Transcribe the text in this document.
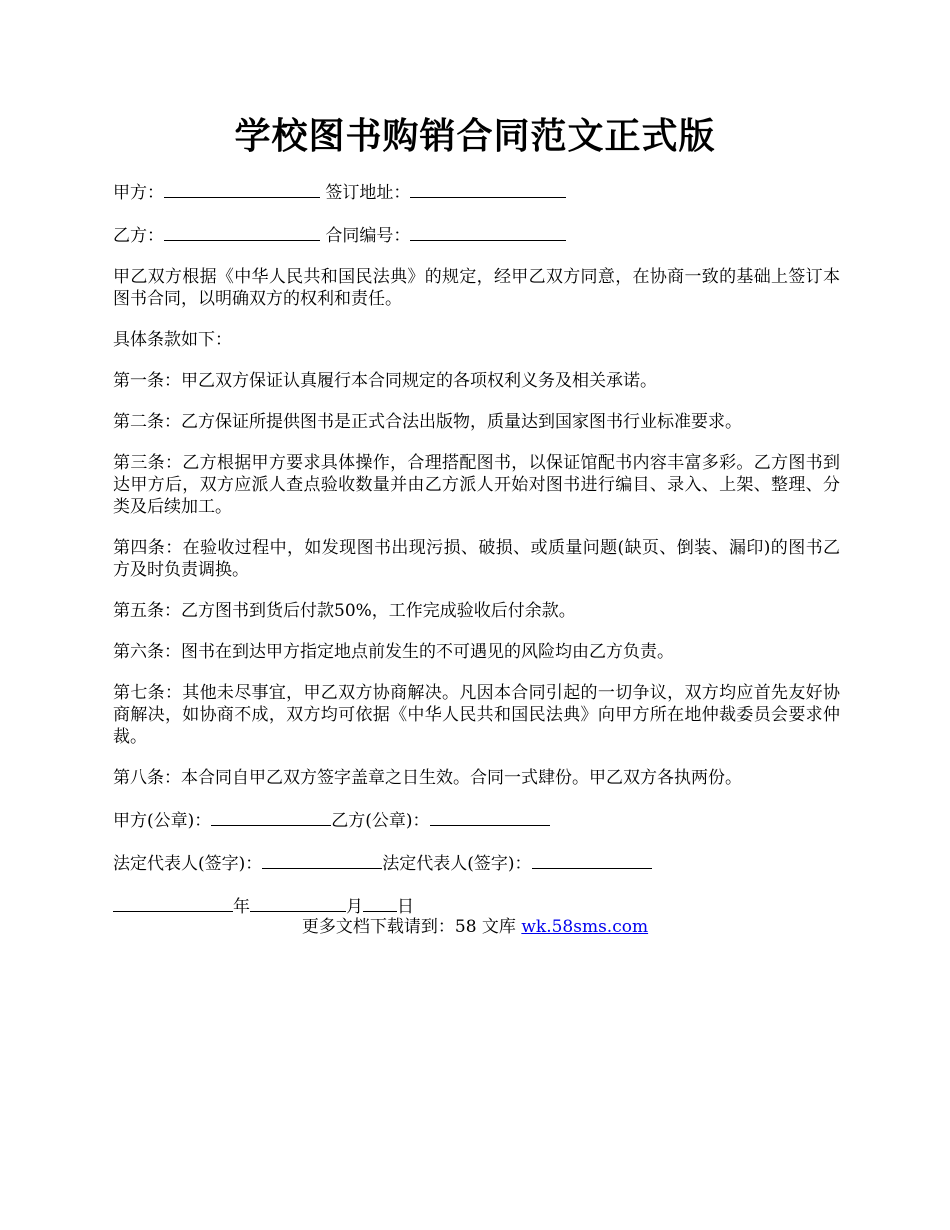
学校图书购销合同范文正式版
甲方：	签订地址：
乙方：	合同编号：

甲乙双方根据《中华人民共和国民法典》的规定，经甲乙双方同意，在协商一致的基础上签订本图书合同，以明确双方的权利和责任。

具体条款如下：

第一条：甲乙双方保证认真履行本合同规定的各项权利义务及相关承诺。

第二条：乙方保证所提供图书是正式合法出版物，质量达到国家图书行业标准要求。

第三条：乙方根据甲方要求具体操作，合理搭配图书，以保证馆配书内容丰富多彩。乙方图书到达甲方后，双方应派人查点验收数量并由乙方派人开始对图书进行编目、录入、上架、整理、分类及后续加工。

第四条：在验收过程中，如发现图书出现污损、破损、或质量问题(缺页、倒装、漏印)的图书乙方及时负责调换。

第五条：乙方图书到货后付款50%，工作完成验收后付余款。

第六条：图书在到达甲方指定地点前发生的不可遇见的风险均由乙方负责。

第七条：其他未尽事宜，甲乙双方协商解决。凡因本合同引起的一切争议，双方均应首先友好协商解决，如协商不成，双方均可依据《中华人民共和国民法典》向甲方所在地仲裁委员会要求仲裁。

第八条：本合同自甲乙双方签字盖章之日生效。合同一式肆份。甲乙双方各执两份。

甲方(公章)：	乙方(公章)：
法定代表人(签字)：	法定代表人(签字)：
年	月 日
更多文档下载请到：58 文库 wk.58sms.com
